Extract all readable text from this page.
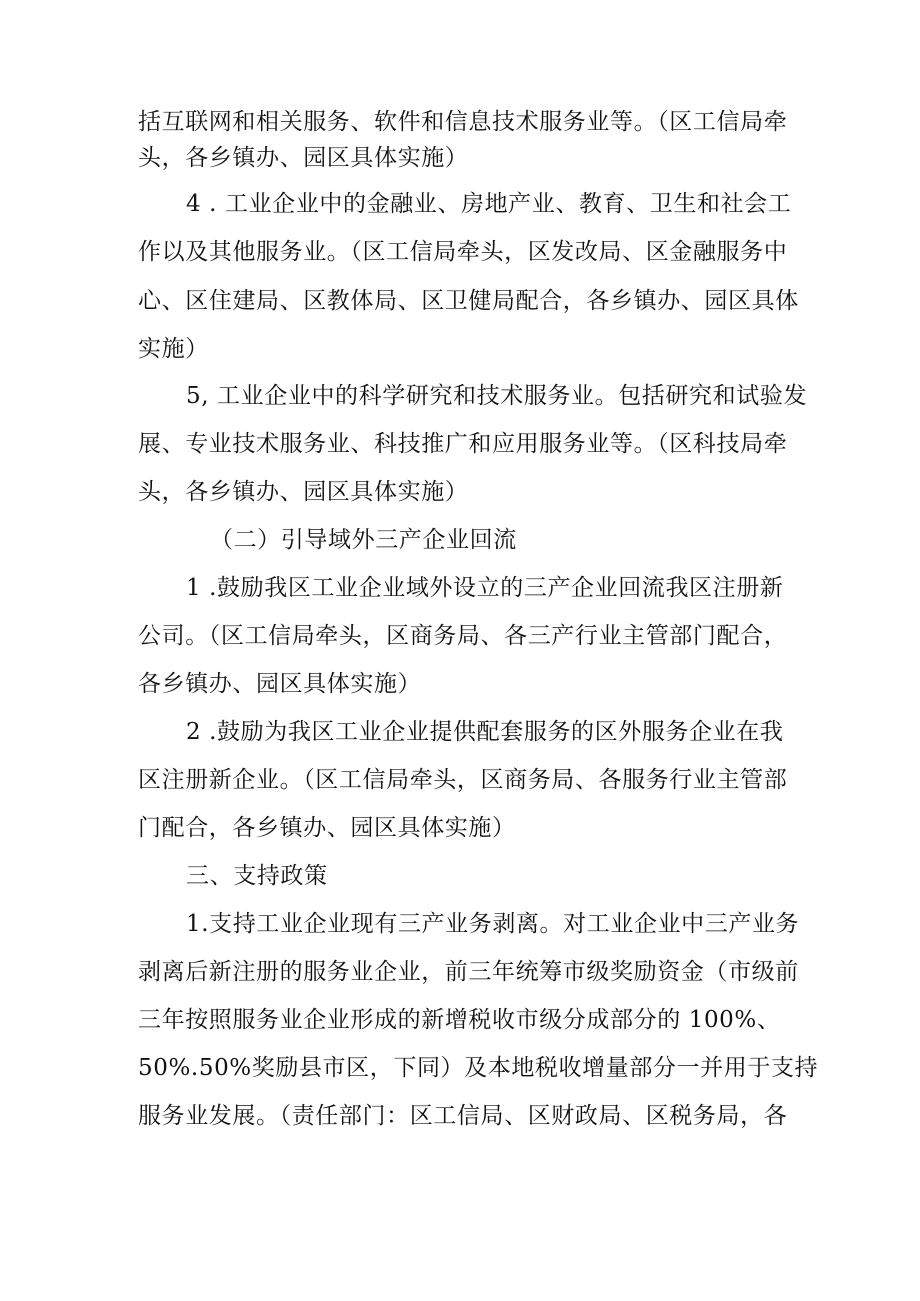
括互联网和相关服务、软件和信息技术服务业等。（区工信局牵
头，各乡镇办、园区具体实施）
4 . 工业企业中的金融业、房地产业、教育、卫生和社会工
作以及其他服务业。（区工信局牵头，区发改局、区金融服务中
心、区住建局、区教体局、区卫健局配合，各乡镇办、园区具体
实施）
5, 工业企业中的科学研究和技术服务业。包括研究和试验发
展、专业技术服务业、科技推广和应用服务业等。（区科技局牵
头，各乡镇办、园区具体实施）
（二）引导域外三产企业回流
1 .鼓励我区工业企业域外设立的三产企业回流我区注册新
公司。（区工信局牵头，区商务局、各三产行业主管部门配合，
各乡镇办、园区具体实施）
2 .鼓励为我区工业企业提供配套服务的区外服务企业在我
区注册新企业。（区工信局牵头，区商务局、各服务行业主管部
门配合，各乡镇办、园区具体实施）
三、支持政策
1.支持工业企业现有三产业务剥离。对工业企业中三产业务
剥离后新注册的服务业企业，前三年统筹市级奖励资金（市级前
三年按照服务业企业形成的新增税收市级分成部分的 100%、
50%.50%奖励县市区，下同）及本地税收增量部分一并用于支持
服务业发展。（责任部门：区工信局、区财政局、区税务局，各
